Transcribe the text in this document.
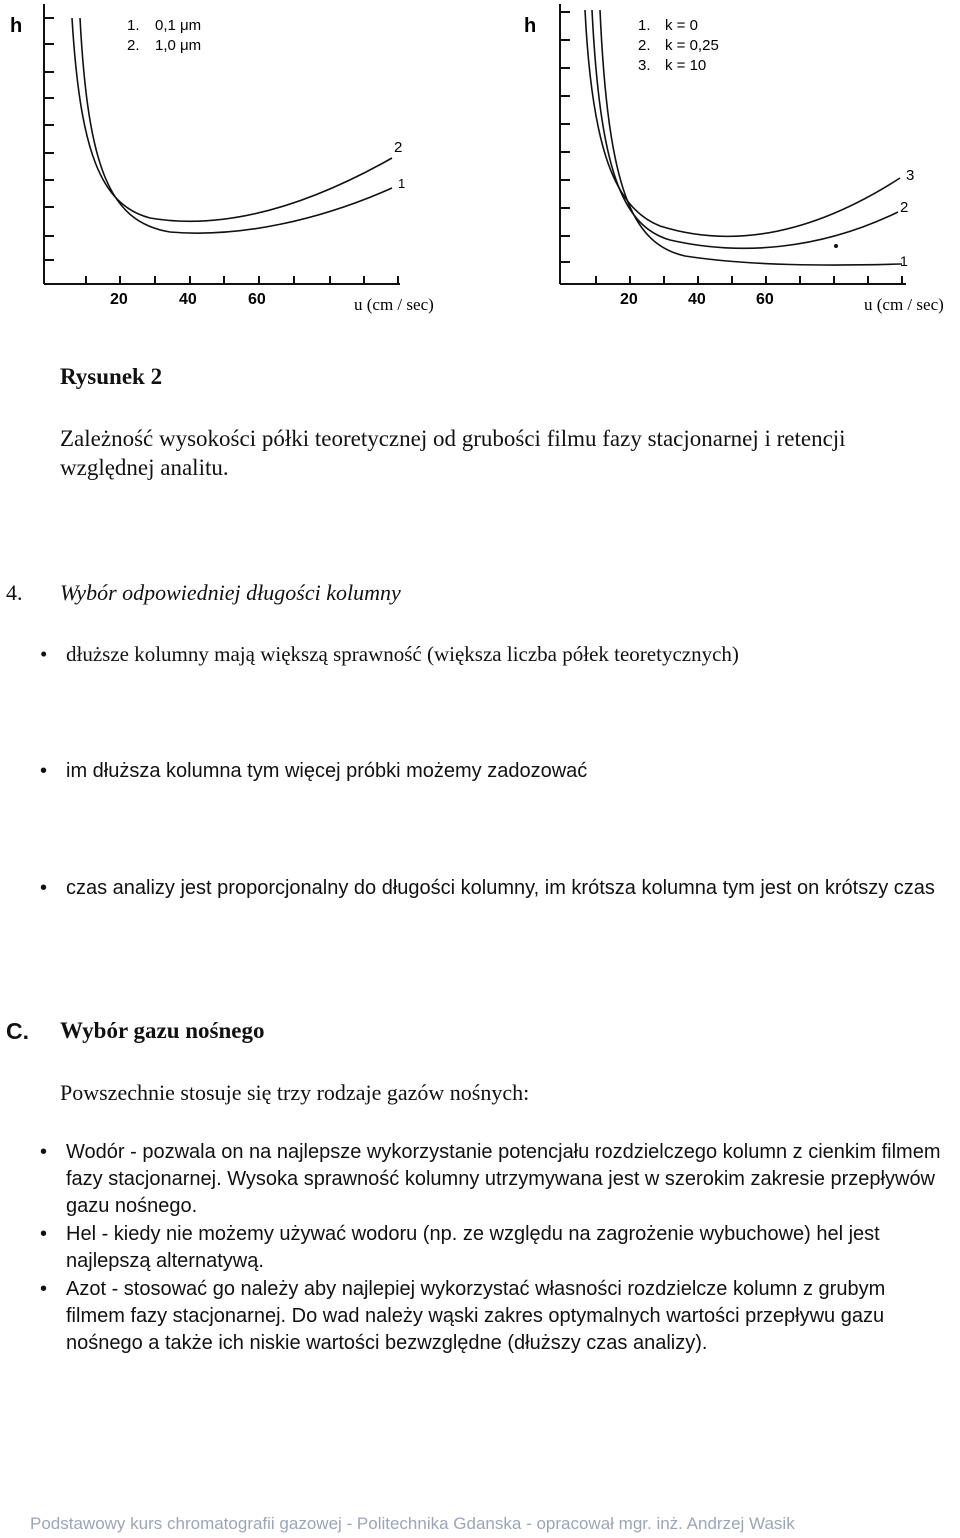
h	1. 0,1 μm
2. 1,0 μm
2
1
20	40	60	u (cm / sec)
h	1. k = 0
2. k = 0,25
3. k = 10
3
2
1
20	40	60	u (cm / sec)
Rysunek 2
Zależność wysokości półki teoretycznej od grubości filmu fazy stacjonarnej i retencji względnej analitu.
4. Wybór odpowiedniej długości kolumny
• dłuższe kolumny mają większą sprawność (większa liczba półek teoretycznych)
• im dłuższa kolumna tym więcej próbki możemy zadozować
• czas analizy jest proporcjonalny do długości kolumny, im krótsza kolumna tym jest on krótszy czas
C. Wybór gazu nośnego
Powszechnie stosuje się trzy rodzaje gazów nośnych:
• Wodór - pozwala on na najlepsze wykorzystanie potencjału rozdzielczego kolumn z cienkim filmem fazy stacjonarnej. Wysoka sprawność kolumny utrzymywana jest w szerokim zakresie przepływów gazu nośnego.
• Hel - kiedy nie możemy używać wodoru (np. ze względu na zagrożenie wybuchowe) hel jest najlepszą alternatywą.
• Azot - stosować go należy aby najlepiej wykorzystać własności rozdzielcze kolumn z grubym filmem fazy stacjonarnej. Do wad należy wąski zakres optymalnych wartości przepływu gazu nośnego a także ich niskie wartości bezwzględne (dłuższy czas analizy).
Podstawowy kurs chromatografii gazowej - Politechnika Gdanska - opracował mgr. inż. Andrzej Wasik
